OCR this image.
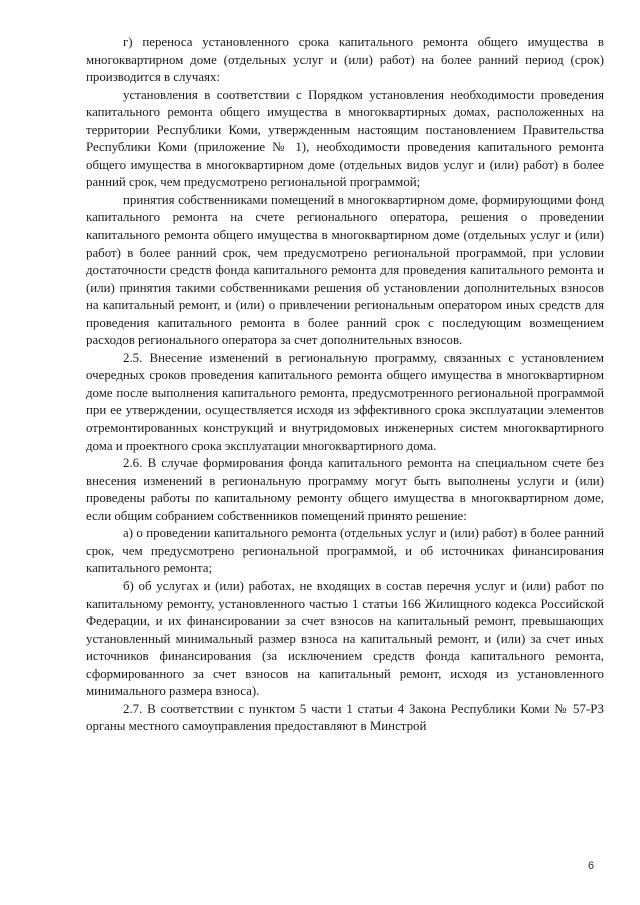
г) переноса установленного срока капитального ремонта общего имущества в многоквартирном доме (отдельных услуг и (или) работ) на более ранний период (срок) производится в случаях:

установления в соответствии с Порядком установления необходимости проведения капитального ремонта общего имущества в многоквартирных домах, расположенных на территории Республики Коми, утвержденным настоящим постановлением Правительства Республики Коми (приложение № 1), необходимости проведения капитального ремонта общего имущества в многоквартирном доме (отдельных видов услуг и (или) работ) в более ранний срок, чем предусмотрено региональной программой;

принятия собственниками помещений в многоквартирном доме, формирующими фонд капитального ремонта на счете регионального оператора, решения о проведении капитального ремонта общего имущества в многоквартирном доме (отдельных услуг и (или) работ) в более ранний срок, чем предусмотрено региональной программой, при условии достаточности средств фонда капитального ремонта для проведения капитального ремонта и (или) принятия такими собственниками решения об установлении дополнительных взносов на капитальный ремонт, и (или) о привлечении региональным оператором иных средств для проведения капитального ремонта в более ранний срок с последующим возмещением расходов регионального оператора за счет дополнительных взносов.

2.5. Внесение изменений в региональную программу, связанных с установлением очередных сроков проведения капитального ремонта общего имущества в многоквартирном доме после выполнения капитального ремонта, предусмотренного региональной программой при ее утверждении, осуществляется исходя из эффективного срока эксплуатации элементов отремонтированных конструкций и внутридомовых инженерных систем многоквартирного дома и проектного срока эксплуатации многоквартирного дома.

2.6. В случае формирования фонда капитального ремонта на специальном счете без внесения изменений в региональную программу могут быть выполнены услуги и (или) проведены работы по капитальному ремонту общего имущества в многоквартирном доме, если общим собранием собственников помещений принято решение:

а) о проведении капитального ремонта (отдельных услуг и (или) работ) в более ранний срок, чем предусмотрено региональной программой, и об источниках финансирования капитального ремонта;

б) об услугах и (или) работах, не входящих в состав перечня услуг и (или) работ по капитальному ремонту, установленного частью 1 статьи 166 Жилищного кодекса Российской Федерации, и их финансировании за счет взносов на капитальный ремонт, превышающих установленный минимальный размер взноса на капитальный ремонт, и (или) за счет иных источников финансирования (за исключением средств фонда капитального ремонта, сформированного за счет взносов на капитальный ремонт, исходя из установленного минимального размера взноса).

2.7. В соответствии с пунктом 5 части 1 статьи 4 Закона Республики Коми № 57-РЗ органы местного самоуправления предоставляют в Минстрой

6
